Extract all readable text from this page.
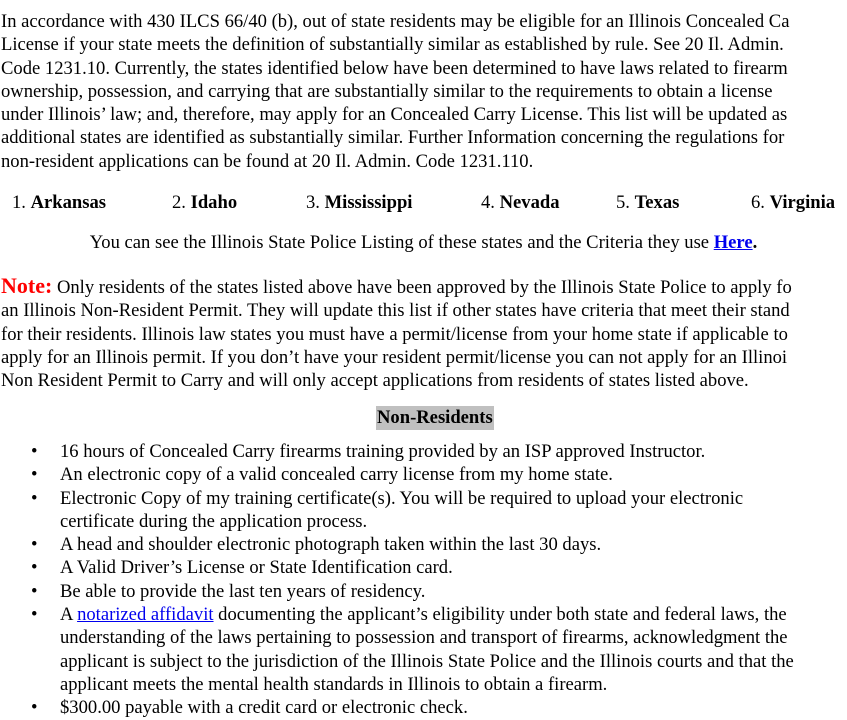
In accordance with 430 ILCS 66/40 (b), out of state residents may be eligible for an Illinois Concealed Ca
License if your state meets the definition of substantially similar as established by rule. See 20 Il. Admin.
Code 1231.10. Currently, the states identified below have been determined to have laws related to firearm
ownership, possession, and carrying that are substantially similar to the requirements to obtain a license
under Illinois’ law; and, therefore, may apply for an Concealed Carry License. This list will be updated as
additional states are identified as substantially similar. Further Information concerning the regulations for
non-resident applications can be found at 20 Il. Admin. Code 1231.110.
1. Arkansas	2. Idaho	3. Mississippi	4. Nevada	5. Texas	6. Virginia
You can see the Illinois State Police Listing of these states and the Criteria they use Here.
Note: Only residents of the states listed above have been approved by the Illinois State Police to apply fo
an Illinois Non-Resident Permit. They will update this list if other states have criteria that meet their stand
for their residents. Illinois law states you must have a permit/license from your home state if applicable to
apply for an Illinois permit. If you don’t have your resident permit/license you can not apply for an Illinoi
Non Resident Permit to Carry and will only accept applications from residents of states listed above.
Non-Residents
• 16 hours of Concealed Carry firearms training provided by an ISP approved Instructor.
• An electronic copy of a valid concealed carry license from my home state.
• Electronic Copy of my training certificate(s). You will be required to upload your electronic
certificate during the application process.
• A head and shoulder electronic photograph taken within the last 30 days.
• A Valid Driver’s License or State Identification card.
• Be able to provide the last ten years of residency.
• A notarized affidavit documenting the applicant’s eligibility under both state and federal laws, the
understanding of the laws pertaining to possession and transport of firearms, acknowledgment the
applicant is subject to the jurisdiction of the Illinois State Police and the Illinois courts and that the
applicant meets the mental health standards in Illinois to obtain a firearm.
• $300.00 payable with a credit card or electronic check.
